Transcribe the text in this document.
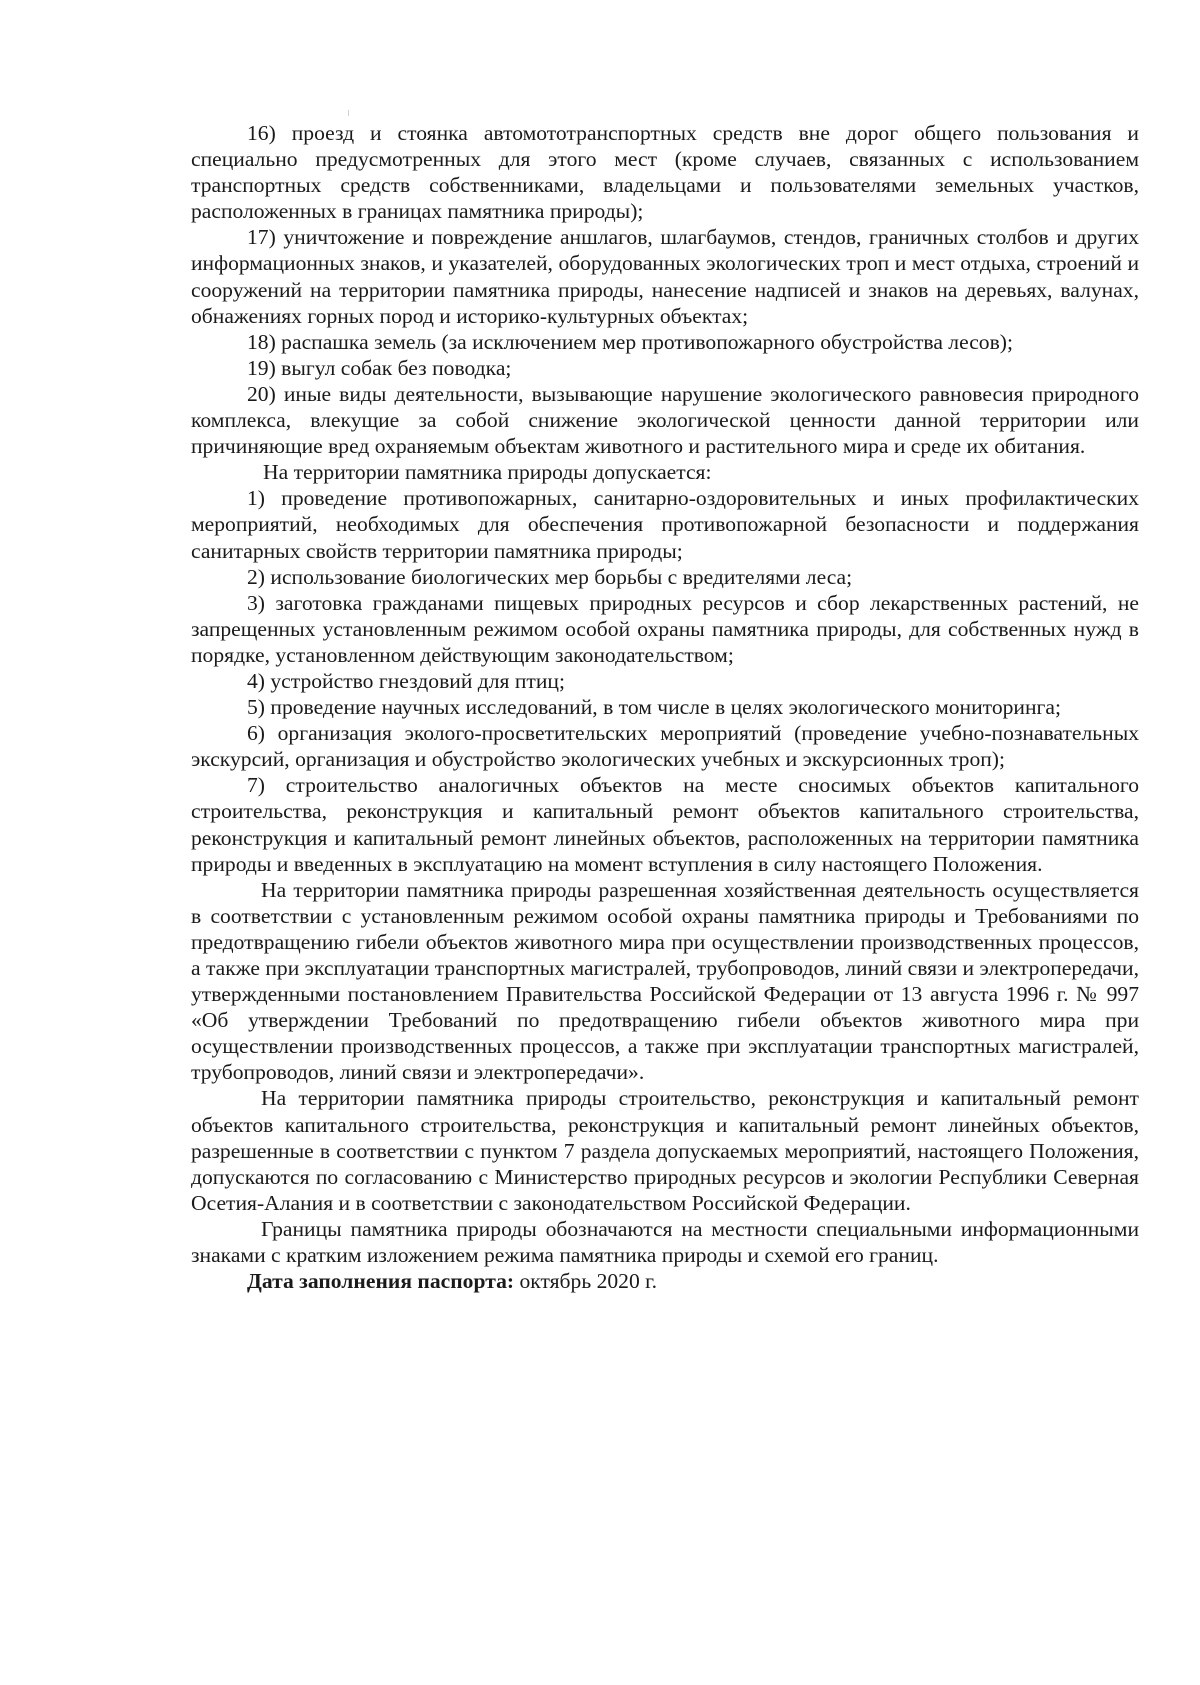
16) проезд и стоянка автомототранспортных средств вне дорог общего пользования и специально предусмотренных для этого мест (кроме случаев, связанных с использованием транспортных средств собственниками, владельцами и пользователями земельных участков, расположенных в границах памятника природы);

17) уничтожение и повреждение аншлагов, шлагбаумов, стендов, граничных столбов и других информационных знаков, и указателей, оборудованных экологических троп и мест отдыха, строений и сооружений на территории памятника природы, нанесение надписей и знаков на деревьях, валунах, обнажениях горных пород и историко-культурных объектах;

18) распашка земель (за исключением мер противопожарного обустройства лесов);

19) выгул собак без поводка;

20) иные виды деятельности, вызывающие нарушение экологического равновесия природного комплекса, влекущие за собой снижение экологической ценности данной территории или причиняющие вред охраняемым объектам животного и растительного мира и среде их обитания.

На территории памятника природы допускается:

1) проведение противопожарных, санитарно-оздоровительных и иных профилактических мероприятий, необходимых для обеспечения противопожарной безопасности и поддержания санитарных свойств территории памятника природы;

2) использование биологических мер борьбы с вредителями леса;

3) заготовка гражданами пищевых природных ресурсов и сбор лекарственных растений, не запрещенных установленным режимом особой охраны памятника природы, для собственных нужд в порядке, установленном действующим законодательством;

4) устройство гнездовий для птиц;

5) проведение научных исследований, в том числе в целях экологического мониторинга;

6) организация эколого-просветительских мероприятий (проведение учебно-познавательных экскурсий, организация и обустройство экологических учебных и экскурсионных троп);

7) строительство аналогичных объектов на месте сносимых объектов капитального строительства, реконструкция и капитальный ремонт объектов капитального строительства, реконструкция и капитальный ремонт линейных объектов, расположенных на территории памятника природы и введенных в эксплуатацию на момент вступления в силу настоящего Положения.

На территории памятника природы разрешенная хозяйственная деятельность осуществляется в соответствии с установленным режимом особой охраны памятника природы и Требованиями по предотвращению гибели объектов животного мира при осуществлении производственных процессов, а также при эксплуатации транспортных магистралей, трубопроводов, линий связи и электропередачи, утвержденными постановлением Правительства Российской Федерации от 13 августа 1996 г. № 997 «Об утверждении Требований по предотвращению гибели объектов животного мира при осуществлении производственных процессов, а также при эксплуатации транспортных магистралей, трубопроводов, линий связи и электропередачи».

На территории памятника природы строительство, реконструкция и капитальный ремонт объектов капитального строительства, реконструкция и капитальный ремонт линейных объектов, разрешенные в соответствии с пунктом 7 раздела допускаемых мероприятий, настоящего Положения, допускаются по согласованию с Министерство природных ресурсов и экологии Республики Северная Осетия-Алания и в соответствии с законодательством Российской Федерации.

Границы памятника природы обозначаются на местности специальными информационными знаками с кратким изложением режима памятника природы и схемой его границ.

Дата заполнения паспорта: октябрь 2020 г.
